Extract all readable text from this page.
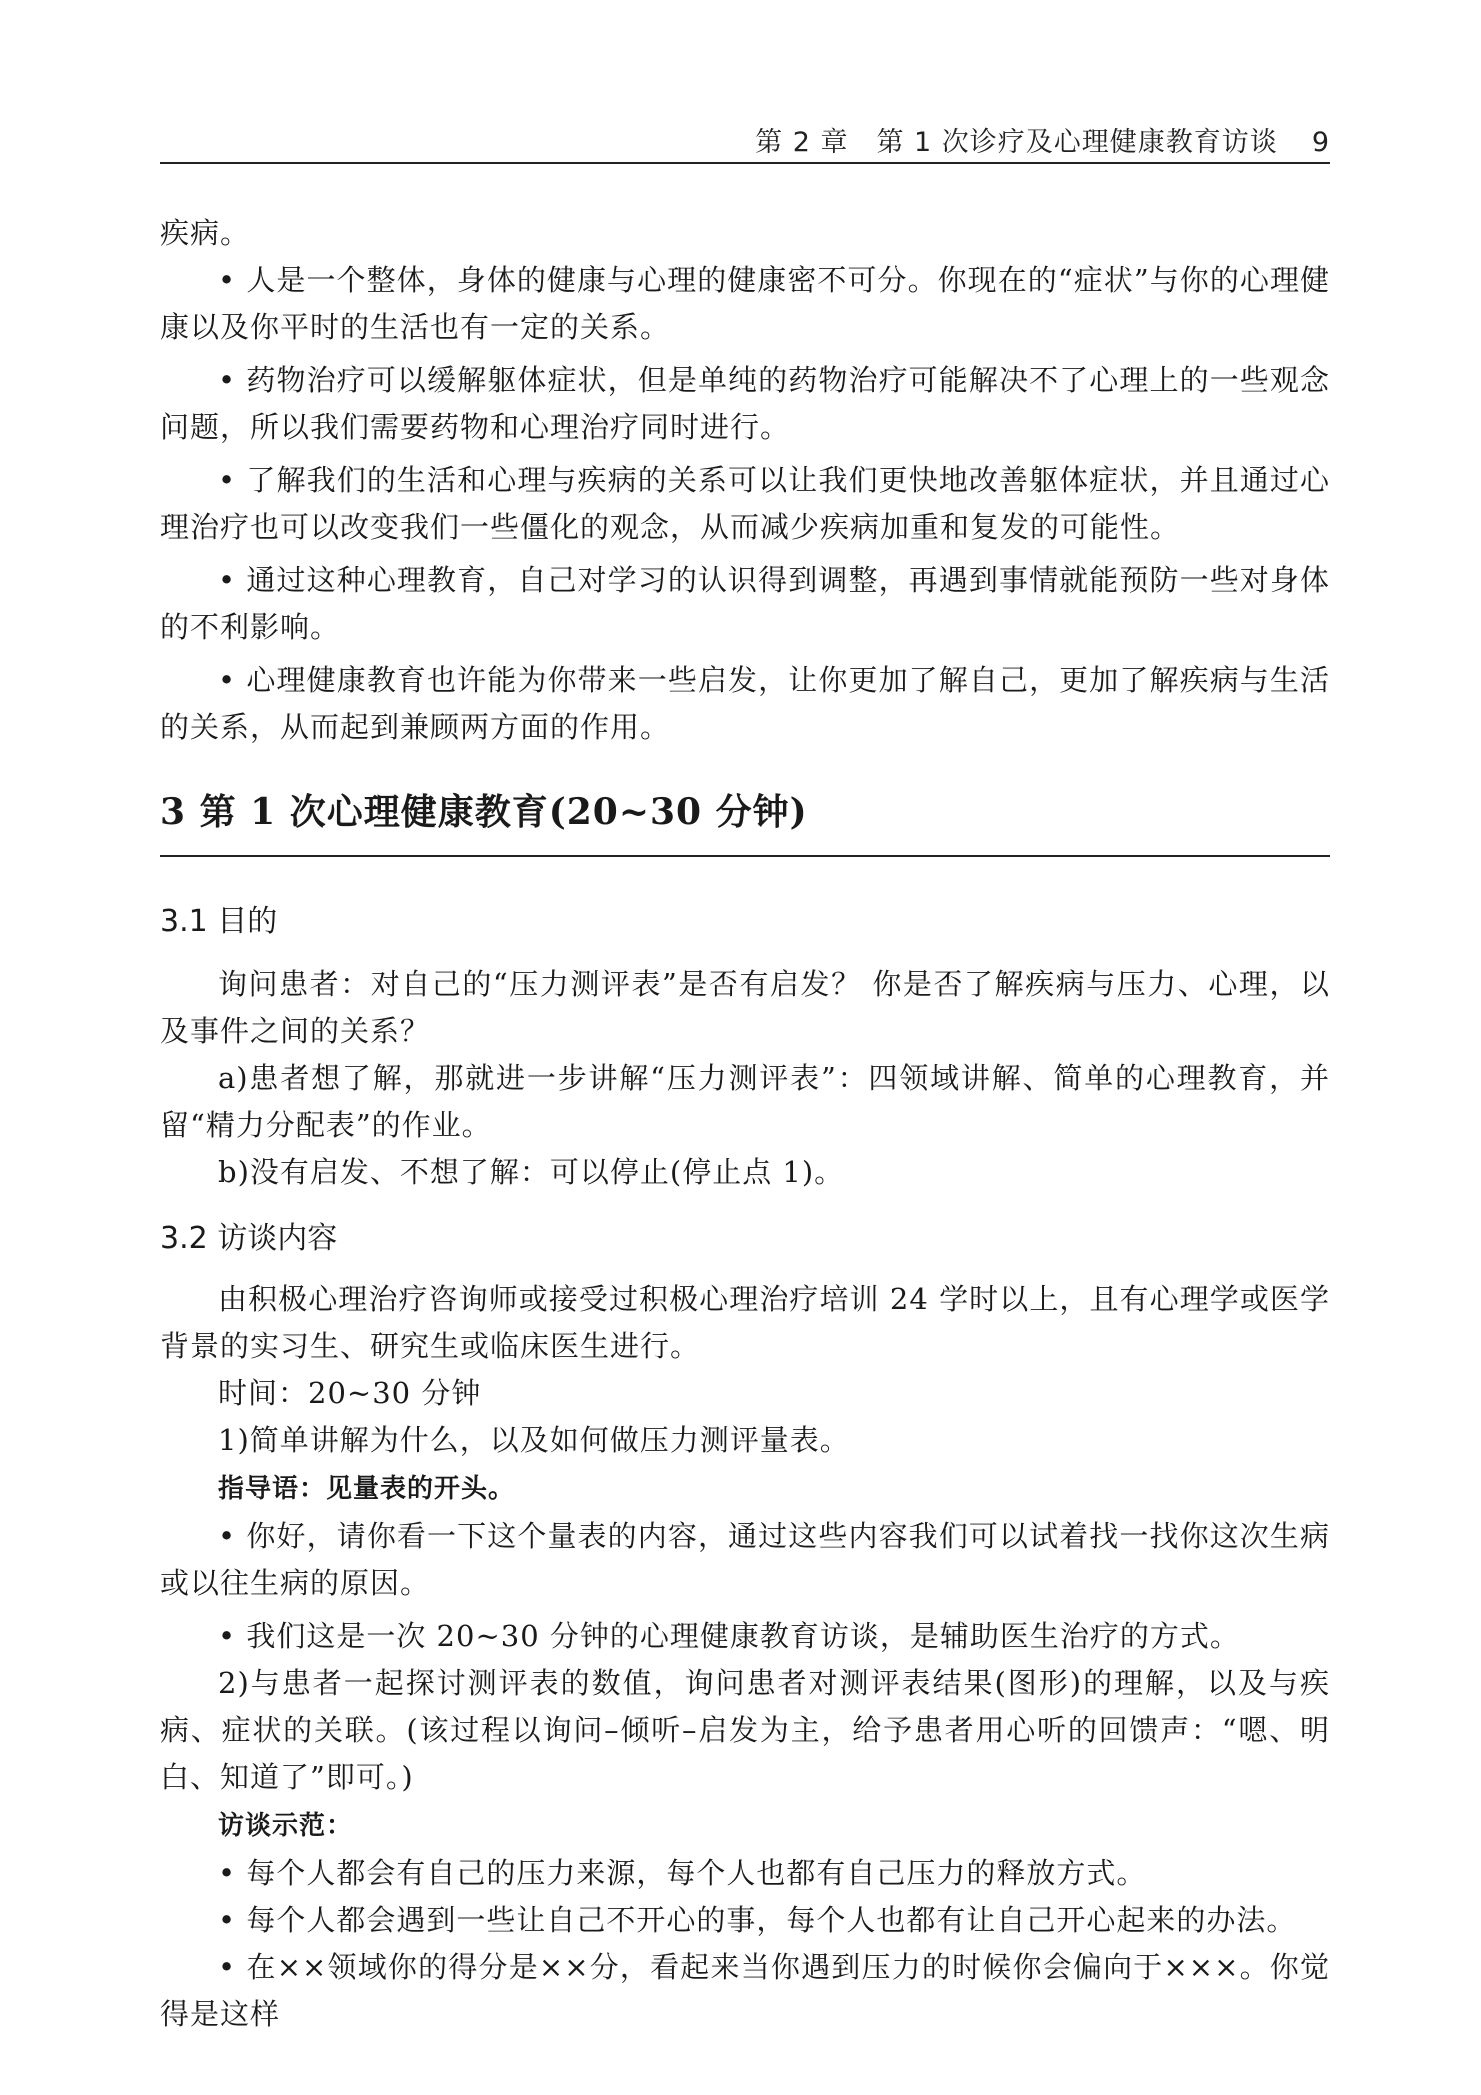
第 2 章　第 1 次诊疗及心理健康教育访谈 9

疾病。

• 人是一个整体，身体的健康与心理的健康密不可分。你现在的“症状”与你的心理健康以及你平时的生活也有一定的关系。

• 药物治疗可以缓解躯体症状，但是单纯的药物治疗可能解决不了心理上的一些观念问题，所以我们需要药物和心理治疗同时进行。

• 了解我们的生活和心理与疾病的关系可以让我们更快地改善躯体症状，并且通过心理治疗也可以改变我们一些僵化的观念，从而减少疾病加重和复发的可能性。

• 通过这种心理教育，自己对学习的认识得到调整，再遇到事情就能预防一些对身体的不利影响。

• 心理健康教育也许能为你带来一些启发，让你更加了解自己，更加了解疾病与生活的关系，从而起到兼顾两方面的作用。

3 第 1 次心理健康教育(20~30 分钟)
3.1 目的

询问患者：对自己的“压力测评表”是否有启发？ 你是否了解疾病与压力、心理，以及事件之间的关系？

a)患者想了解，那就进一步讲解“压力测评表”：四领域讲解、简单的心理教育，并留“精力分配表”的作业。

b)没有启发、不想了解：可以停止(停止点 1)。

3.2 访谈内容

由积极心理治疗咨询师或接受过积极心理治疗培训 24 学时以上，且有心理学或医学背景的实习生、研究生或临床医生进行。

时间：20~30 分钟

1)简单讲解为什么，以及如何做压力测评量表。

指导语：见量表的开头。

• 你好，请你看一下这个量表的内容，通过这些内容我们可以试着找一找你这次生病或以往生病的原因。

• 我们这是一次 20~30 分钟的心理健康教育访谈，是辅助医生治疗的方式。

2)与患者一起探讨测评表的数值，询问患者对测评表结果(图形)的理解，以及与疾病、症状的关联。(该过程以询问–倾听–启发为主，给予患者用心听的回馈声：“嗯、明白、知道了”即可。)

访谈示范：

• 每个人都会有自己的压力来源，每个人也都有自己压力的释放方式。

• 每个人都会遇到一些让自己不开心的事，每个人也都有让自己开心起来的办法。

• 在××领域你的得分是××分，看起来当你遇到压力的时候你会偏向于×××。你觉得是这样
